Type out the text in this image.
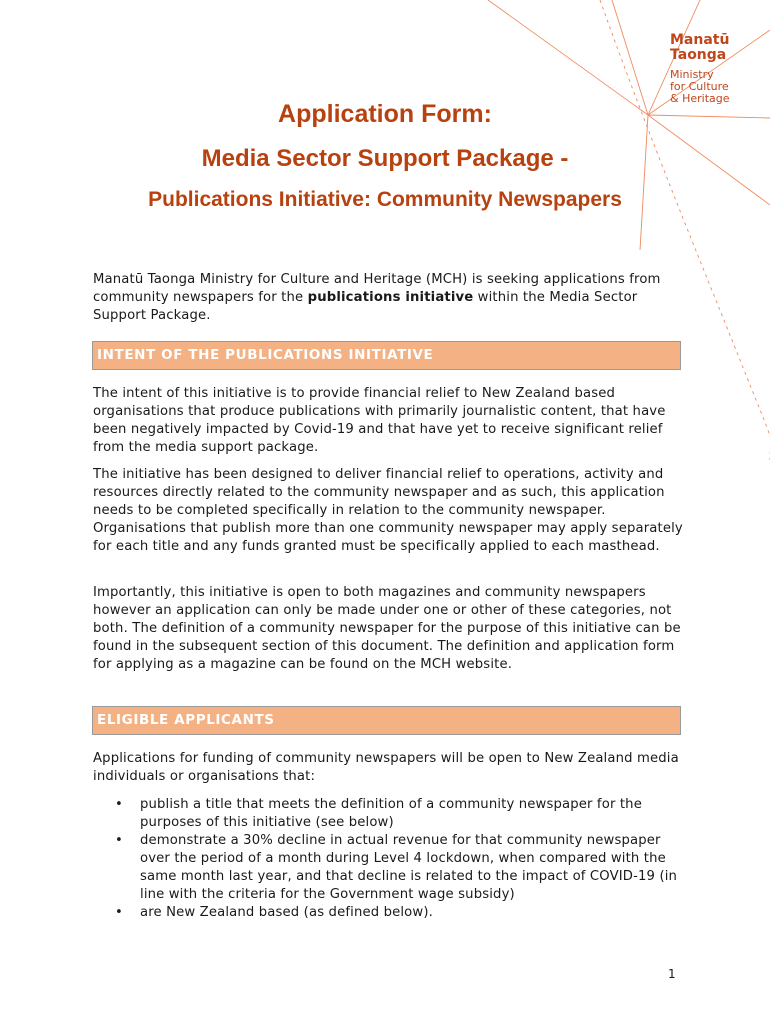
Manatū
Taonga
Ministry
for Culture
& Heritage
Application Form:
Media Sector Support Package -
Publications Initiative: Community Newspapers

Manatū Taonga Ministry for Culture and Heritage (MCH) is seeking applications from community newspapers for the publications initiative within the Media Sector Support Package.

INTENT OF THE PUBLICATIONS INITIATIVE

The intent of this initiative is to provide financial relief to New Zealand based organisations that produce publications with primarily journalistic content, that have been negatively impacted by Covid-19 and that have yet to receive significant relief from the media support package.

The initiative has been designed to deliver financial relief to operations, activity and resources directly related to the community newspaper and as such, this application needs to be completed specifically in relation to the community newspaper. Organisations that publish more than one community newspaper may apply separately for each title and any funds granted must be specifically applied to each masthead.

Importantly, this initiative is open to both magazines and community newspapers however an application can only be made under one or other of these categories, not both. The definition of a community newspaper for the purpose of this initiative can be found in the subsequent section of this document. The definition and application form for applying as a magazine can be found on the MCH website.

ELIGIBLE APPLICANTS

Applications for funding of community newspapers will be open to New Zealand media individuals or organisations that:

• publish a title that meets the definition of a community newspaper for the purposes of this initiative (see below)
• demonstrate a 30% decline in actual revenue for that community newspaper over the period of a month during Level 4 lockdown, when compared with the same month last year, and that decline is related to the impact of COVID-19 (in line with the criteria for the Government wage subsidy)
• are New Zealand based (as defined below).
1
